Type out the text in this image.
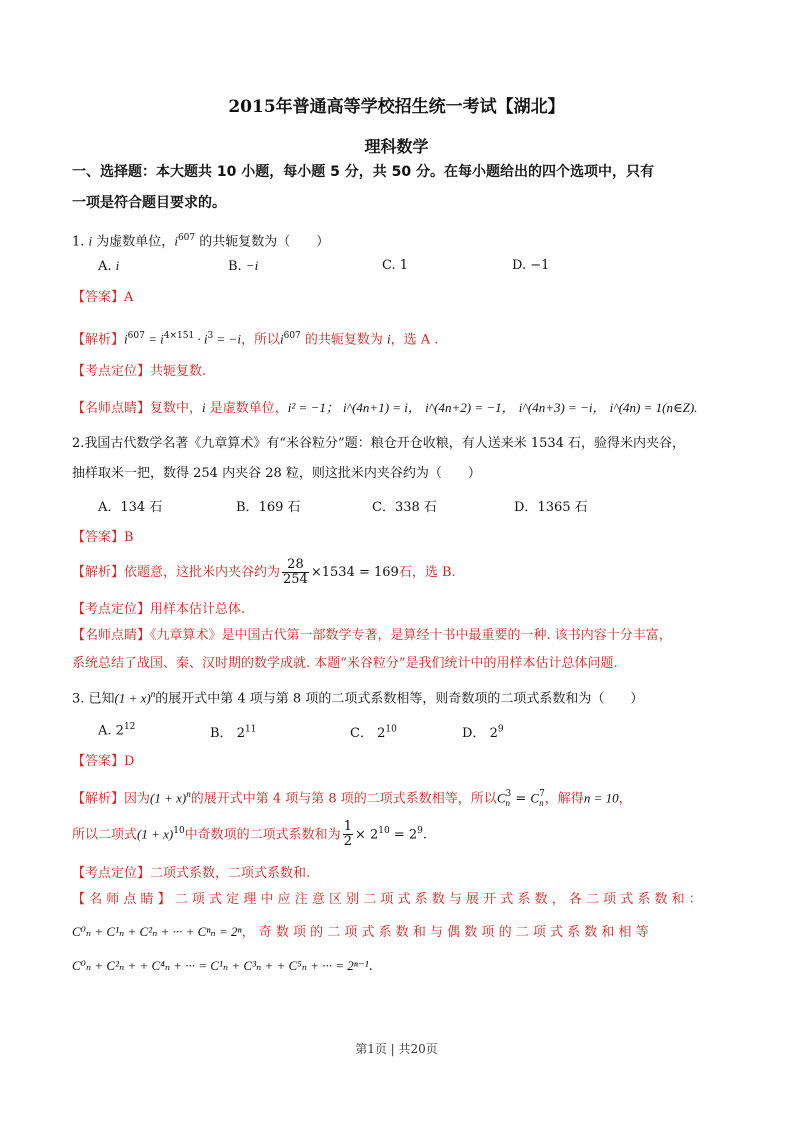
2015年普通高等学校招生统一考试【湖北】
理科数学
一、选择题：本大题共 10 小题，每小题 5 分，共 50 分。在每小题给出的四个选项中，只有
一项是符合题目要求的。
1. i 为虚数单位，$i^{607}$ 的共轭复数为（　　）
A. i	B. −i	C. 1	D. −1
【答案】A
【解析】$i^{607} = i^{4\times 151} \cdot i^3 = -i$，所以$i^{607}$ 的共轭复数为 i，选 A .
【考点定位】共轭复数.
【名师点睛】复数中，i 是虚数单位，i² = −1； i^(4n+1) = i， i^(4n+2) = −1， i^(4n+3) = −i， i^(4n) = 1(n∈Z).
2.我国古代数学名著《九章算术》有“米谷粒分”题：粮仓开仓收粮，有人送来米 1534 石，验得米内夹谷，
抽样取米一把，数得 254 内夹谷 28 粒，则这批米内夹谷约为（　　）
A．134 石	B．169 石	C．338 石	D．1365 石
【答案】B
【解析】依题意，这批米内夹谷约为 $\frac{28}{254} \times 1534 = 169$石，选 B.
【考点定位】用样本估计总体.
【名师点睛】《九章算术》是中国古代第一部数学专著，是算经十书中最重要的一种. 该书内容十分丰富，
系统总结了战国、秦、汉时期的数学成就. 本题“米谷粒分”是我们统计中的用样本估计总体问题.
3. 已知$(1 + x)^n$的展开式中第 4 项与第 8 项的二项式系数相等，则奇数项的二项式系数和为（　　）
A. $2^{12}$	B． $2^{11}$	C． $2^{10}$	D． $2^9$
【答案】D
【解析】因为$(1 + x)^n$的展开式中第 4 项与第 8 项的二项式系数相等，所以C 3
n = C 7
n ，解得n = 10，
所以二项式$(1 + x)^{10}$中奇数项的二项式系数和为 $\frac{1}{2} \times 2^{10} = 2^9$.
【考点定位】二项式系数，二项式系数和.
【 名 师 点 睛 】 二 项 式 定 理 中 应 注 意 区 别 二 项 式 系 数 与 展 开 式 系 数 ， 各 二 项 式 系 数 和 ：
C⁰ₙ + C¹ₙ + C²ₙ + ··· + Cⁿₙ = 2ⁿ， 奇 数 项 的 二 项 式 系 数 和 与 偶 数 项 的 二 项 式 系 数 和 相 等
C⁰ₙ + C²ₙ + + C⁴ₙ + ··· = C¹ₙ + C³ₙ + + C⁵ₙ + ··· = 2ⁿ⁻¹.
第1页 | 共20页
